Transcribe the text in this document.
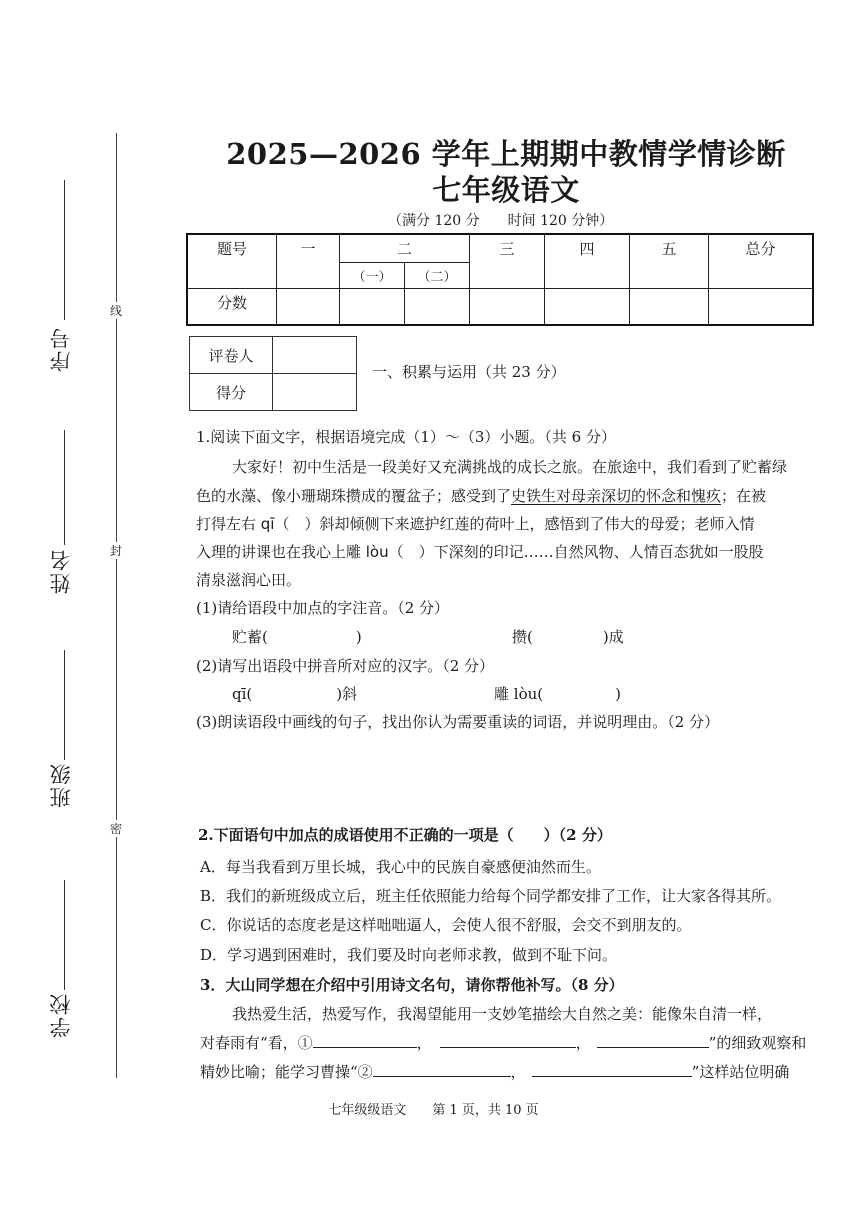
线
封
密
序号
姓名
班级
学校
2025—2026 学年上期期中教情学情诊断
七年级语文
（满分 120 分　　时间 120 分钟）
题号	一	二		三	四	五	总分
		（一）	（二）				
分数							
评卷人	
得分	
一、积累与运用（共 23 分）
1.阅读下面文字，根据语境完成（1）～（3）小题。（共 6 分）
大家好！初中生活是一段美好又充满挑战的成长之旅。在旅途中，我们看到了贮蓄绿
色的水藻、像小珊瑚珠攒成的覆盆子；感受到了史铁生对母亲深切的怀念和愧疚；在被
打得左右 qī（　）斜却倾侧下来遮护红莲的荷叶上，感悟到了伟大的母爱；老师入情
入理的讲课也在我心上雕 lòu（　）下深刻的印记……自然风物、人情百态犹如一股股
清泉滋润心田。
(1)请给语段中加点的字注音。（2 分）
贮蓄(	)	攒(	)成
(2)请写出语段中拼音所对应的汉字。（2 分）
qī(	)斜	雕 lòu(	)
(3)朗读语段中画线的句子，找出你认为需要重读的词语，并说明理由。（2 分）
2.下面语句中加点的成语使用不正确的一项是（　　）（2 分）
A．每当我看到万里长城，我心中的民族自豪感便油然而生。
B．我们的新班级成立后，班主任依照能力给每个同学都安排了工作，让大家各得其所。
C．你说话的态度老是这样咄咄逼人，会使人很不舒服，会交不到朋友的。
D．学习遇到困难时，我们要及时向老师求教，做到不耻下问。
3．大山同学想在介绍中引用诗文名句，请你帮他补写。（8 分）
我热爱生活，热爱写作，我渴望能用一支妙笔描绘大自然之美：能像朱自清一样，
对春雨有“看，①	，	，	”的细致观察和
精妙比喻；能学习曹操“②	，	”这样站位明确
七年级级语文　　第 1 页，共 10 页
